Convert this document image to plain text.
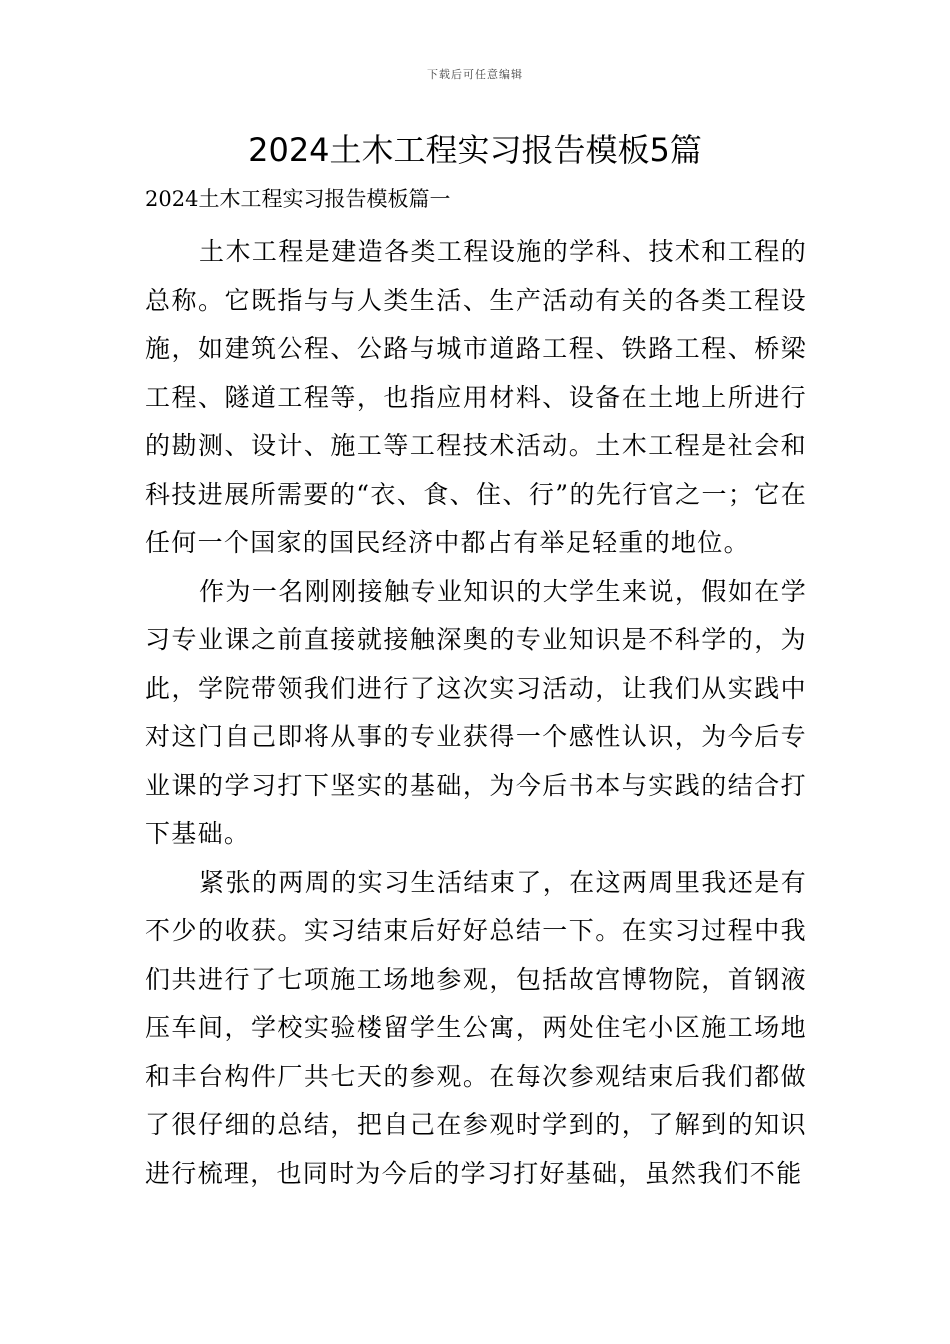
下载后可任意编辑
2024土木工程实习报告模板5篇
2024土木工程实习报告模板篇一

土木工程是建造各类工程设施的学科、技术和工程的总称。它既指与与人类生活、生产活动有关的各类工程设施，如建筑公程、公路与城市道路工程、铁路工程、桥梁工程、隧道工程等，也指应用材料、设备在土地上所进行的勘测、设计、施工等工程技术活动。土木工程是社会和科技进展所需要的“衣、食、住、行”的先行官之一；它在任何一个国家的国民经济中都占有举足轻重的地位。

作为一名刚刚接触专业知识的大学生来说，假如在学习专业课之前直接就接触深奥的专业知识是不科学的，为此，学院带领我们进行了这次实习活动，让我们从实践中对这门自己即将从事的专业获得一个感性认识，为今后专业课的学习打下坚实的基础，为今后书本与实践的结合打下基础。

紧张的两周的实习生活结束了，在这两周里我还是有不少的收获。实习结束后好好总结一下。在实习过程中我们共进行了七项施工场地参观，包括故宫博物院，首钢液压车间，学校实验楼留学生公寓，两处住宅小区施工场地和丰台构件厂共七天的参观。在每次参观结束后我们都做了很仔细的总结，把自己在参观时学到的，了解到的知识进行梳理，也同时为今后的学习打好基础，虽然我们不能
